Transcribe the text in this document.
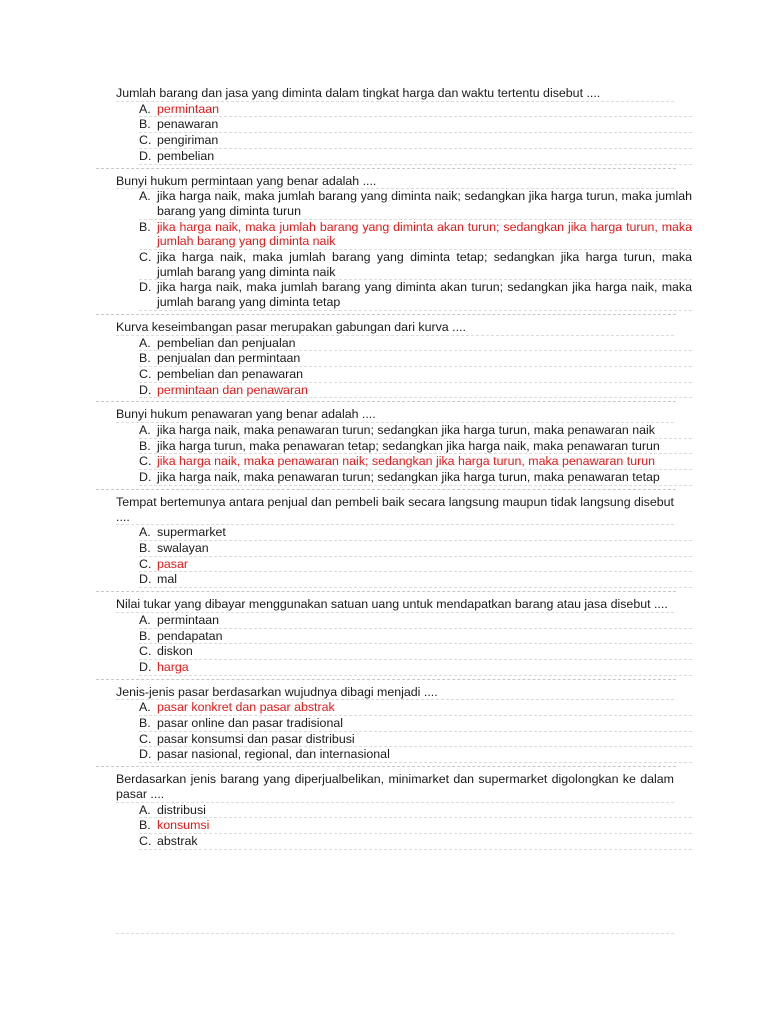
Jumlah barang dan jasa yang diminta dalam tingkat harga dan waktu tertentu disebut ....
A. permintaan
B. penawaran
C. pengiriman
D. pembelian
Bunyi hukum permintaan yang benar adalah ....
A. jika harga naik, maka jumlah barang yang diminta naik; sedangkan jika harga turun, maka jumlah barang yang diminta turun
B. jika harga naik, maka jumlah barang yang diminta akan turun; sedangkan jika harga turun, maka jumlah barang yang diminta naik
C. jika harga naik, maka jumlah barang yang diminta tetap; sedangkan jika harga turun, maka jumlah barang yang diminta naik
D. jika harga naik, maka jumlah barang yang diminta akan turun; sedangkan jika harga naik, maka jumlah barang yang diminta tetap
Kurva keseimbangan pasar merupakan gabungan dari kurva ....
A. pembelian dan penjualan
B. penjualan dan permintaan
C. pembelian dan penawaran
D. permintaan dan penawaran
Bunyi hukum penawaran yang benar adalah ....
A. jika harga naik, maka penawaran turun; sedangkan jika harga turun, maka penawaran naik
B. jika harga turun, maka penawaran tetap; sedangkan jika harga naik, maka penawaran turun
C. jika harga naik, maka penawaran naik; sedangkan jika harga turun, maka penawaran turun
D. jika harga naik, maka penawaran turun; sedangkan jika harga turun, maka penawaran tetap
Tempat bertemunya antara penjual dan pembeli baik secara langsung maupun tidak langsung disebut ....
A. supermarket
B. swalayan
C. pasar
D. mal
Nilai tukar yang dibayar menggunakan satuan uang untuk mendapatkan barang atau jasa disebut ....
A. permintaan
B. pendapatan
C. diskon
D. harga
Jenis-jenis pasar berdasarkan wujudnya dibagi menjadi ....
A. pasar konkret dan pasar abstrak
B. pasar online dan pasar tradisional
C. pasar konsumsi dan pasar distribusi
D. pasar nasional, regional, dan internasional
Berdasarkan jenis barang yang diperjualbelikan, minimarket dan supermarket digolongkan ke dalam pasar ....
A. distribusi
B. konsumsi
C. abstrak
